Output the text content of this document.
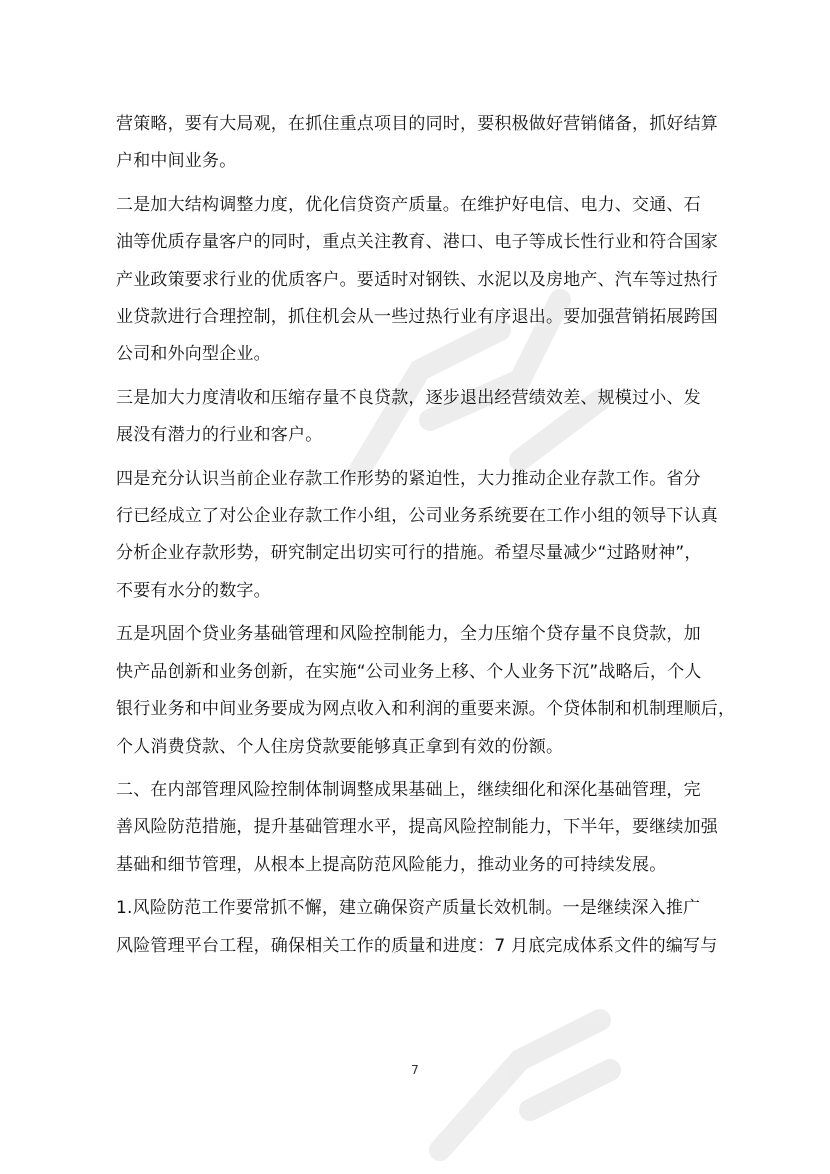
营策略，要有大局观，在抓住重点项目的同时，要积极做好营销储备，抓好结算
户和中间业务。

二是加大结构调整力度，优化信贷资产质量。在维护好电信、电力、交通、石
油等优质存量客户的同时，重点关注教育、港口、电子等成长性行业和符合国家
产业政策要求行业的优质客户。要适时对钢铁、水泥以及房地产、汽车等过热行
业贷款进行合理控制，抓住机会从一些过热行业有序退出。要加强营销拓展跨国
公司和外向型企业。

三是加大力度清收和压缩存量不良贷款，逐步退出经营绩效差、规模过小、发
展没有潜力的行业和客户。

四是充分认识当前企业存款工作形势的紧迫性，大力推动企业存款工作。省分
行已经成立了对公企业存款工作小组，公司业务系统要在工作小组的领导下认真
分析企业存款形势，研究制定出切实可行的措施。希望尽量减少“过路财神”，
不要有水分的数字。

五是巩固个贷业务基础管理和风险控制能力，全力压缩个贷存量不良贷款，加
快产品创新和业务创新，在实施“公司业务上移、个人业务下沉”战略后，个人
银行业务和中间业务要成为网点收入和利润的重要来源。个贷体制和机制理顺后，
个人消费贷款、个人住房贷款要能够真正拿到有效的份额。

二、在内部管理风险控制体制调整成果基础上，继续细化和深化基础管理，完
善风险防范措施，提升基础管理水平，提高风险控制能力，下半年，要继续加强
基础和细节管理，从根本上提高防范风险能力，推动业务的可持续发展。

1.风险防范工作要常抓不懈，建立确保资产质量长效机制。一是继续深入推广
风险管理平台工程，确保相关工作的质量和进度：7 月底完成体系文件的编写与

7
